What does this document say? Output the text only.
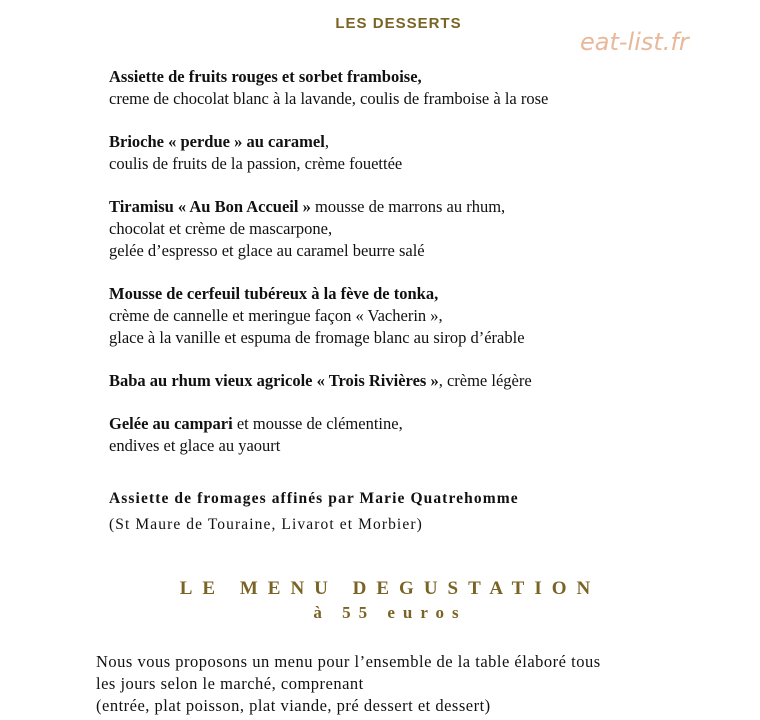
LES DESSERTS
eat-list.fr
Assiette de fruits rouges et sorbet framboise,
creme de chocolat blanc à la lavande, coulis de framboise à la rose
Brioche « perdue » au caramel,
coulis de fruits de la passion, crème fouettée
Tiramisu « Au Bon Accueil » mousse de marrons au rhum,
chocolat et crème de mascarpone,
gelée d’espresso et glace au caramel beurre salé
Mousse de cerfeuil tubéreux à la fève de tonka,
crème de cannelle et meringue façon « Vacherin »,
glace à la vanille et espuma de fromage blanc au sirop d’érable
Baba au rhum vieux agricole « Trois Rivières », crème légère
Gelée au campari et mousse de clémentine,
endives et glace au yaourt
Assiette de fromages affinés par Marie Quatrehomme
(St Maure de Touraine, Livarot et Morbier)
LE MENU DEGUSTATION
à 55 euros
Nous vous proposons un menu pour l’ensemble de la table élaboré tous
les jours selon le marché, comprenant
(entrée, plat poisson, plat viande, pré dessert et dessert)
